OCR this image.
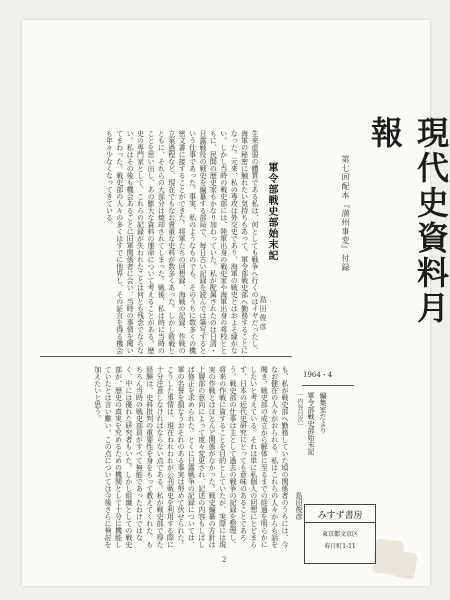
現代史資料月報
第七回配本『満州事変』付録
1964・4
一内容目次一 軍令部戦史部始末記 編集室だより
島田俊彦	みすず書房
東京都文京区
春日町1-11
軍令部戦史部始末記
島田俊彦
生来虚弱の體質である私は、何としても戦争へ行くのはイヤだったし、海軍の秘密に触れたい気持ちもあって、軍令部戦史部へ勤務することになった。元来、私の専攻は外交史であり、海軍の戦史とはおよそ縁がない。しかし当時の戦史部には、陸軍出身の戦史家や海軍出身の将校とともに、民間の歴史家もかなり加わっていた。私が配属されたのは日清・日露戦役の戦史を編纂する部局で、毎日古い記録を読んでは筆写するという仕事であった。事実、私のようなものでも、そのうちに数多くの機密文書に接することができた。将軍たちの回想録、海戦の記録、作戦の立案過程など、現在でもなお貴重な史料が数多くあった。しかし敗戦とともに、それらの大部分は焼却されてしまった。戦後、私は時に当時のことを思い出し、あの膨大な資料の運命について考えることがある。歴史の専門家として、これらの記録が失われたことは何とも残念でならない。私はその後も機会あるごとに旧軍関係者に会い、当時の事情を聞いてまわった。戦史部の人々の多くはすでに他界し、その証言を得る機会も年々少なくなってきている。
も、私が戦史部へ勤務していた頃の関係者のうちには、今なお健在の人々がおられる。私はこれらの人々からも話を聞き、戦史部の成立から解体に至るまでの経過を明らかにしたいと考えている。それは単に私個人の回想にとどまらず、日本の近代史研究にとっても意味のあることであろう。戦史部の仕事は主として過去の戦争の記録を整理し、将来の作戦に資することを目的としていたが、実際には現実の作戦とはほとんど関係がなかった。戦史編纂の方針は上層部の意向によって度々変更され、記述の内容もしばしば修正を求められた。とくに日露戦争の記録については、軍の名誉を損なうおそれのある事実は努めて伏せられた。こうした事情は、現在われわれが公刊戦史を利用する際に十分注意しなければならない点である。私が戦史部で得た経験は、史料批判の重要性を身をもって教えてくれた。もちろん当時の戦史部員がすべて無能であったわけではなく、中には優れた研究者もいた。しかし組織としての戦史部が、歴史の真実を究めるための機関として十分に機能していたとは言い難い。この点については今後さらに検討を加えたいと思う。
2
